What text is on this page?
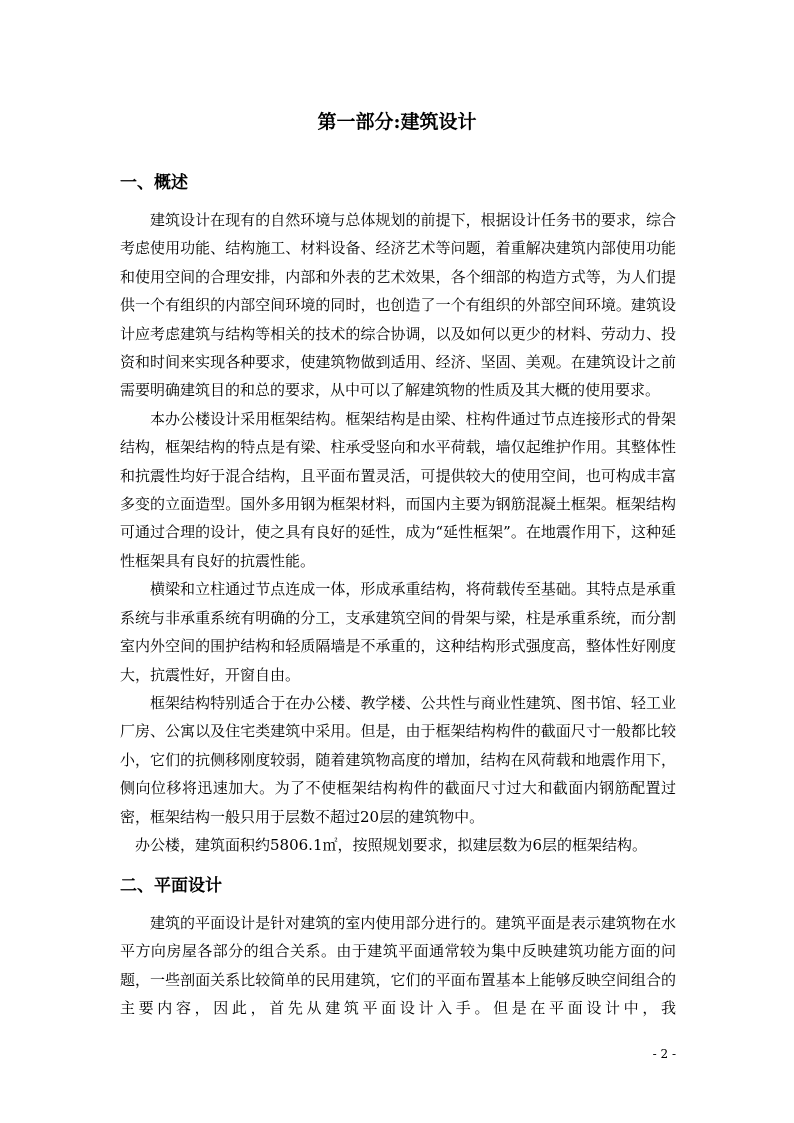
第一部分:建筑设计
一、概述

建筑设计在现有的自然环境与总体规划的前提下，根据设计任务书的要求，综合考虑使用功能、结构施工、材料设备、经济艺术等问题，着重解决建筑内部使用功能和使用空间的合理安排，内部和外表的艺术效果，各个细部的构造方式等，为人们提供一个有组织的内部空间环境的同时，也创造了一个有组织的外部空间环境。建筑设计应考虑建筑与结构等相关的技术的综合协调，以及如何以更少的材料、劳动力、投资和时间来实现各种要求，使建筑物做到适用、经济、坚固、美观。在建筑设计之前需要明确建筑目的和总的要求，从中可以了解建筑物的性质及其大概的使用要求。

本办公楼设计采用框架结构。框架结构是由梁、柱构件通过节点连接形式的骨架结构，框架结构的特点是有梁、柱承受竖向和水平荷载，墙仅起维护作用。其整体性和抗震性均好于混合结构，且平面布置灵活，可提供较大的使用空间，也可构成丰富多变的立面造型。国外多用钢为框架材料，而国内主要为钢筋混凝土框架。框架结构可通过合理的设计，使之具有良好的延性，成为“延性框架”。在地震作用下，这种延性框架具有良好的抗震性能。

横梁和立柱通过节点连成一体，形成承重结构，将荷载传至基础。其特点是承重系统与非承重系统有明确的分工，支承建筑空间的骨架与梁，柱是承重系统，而分割室内外空间的围护结构和轻质隔墙是不承重的，这种结构形式强度高，整体性好刚度大，抗震性好，开窗自由。

框架结构特别适合于在办公楼、教学楼、公共性与商业性建筑、图书馆、轻工业厂房、公寓以及住宅类建筑中采用。但是，由于框架结构构件的截面尺寸一般都比较小，它们的抗侧移刚度较弱，随着建筑物高度的增加，结构在风荷载和地震作用下，侧向位移将迅速加大。为了不使框架结构构件的截面尺寸过大和截面内钢筋配置过密，框架结构一般只用于层数不超过20层的建筑物中。

办公楼，建筑面积约5806.1㎡，按照规划要求，拟建层数为6层的框架结构。

二、平面设计

建筑的平面设计是针对建筑的室内使用部分进行的。建筑平面是表示建筑物在水平方向房屋各部分的组合关系。由于建筑平面通常较为集中反映建筑功能方面的问题，一些剖面关系比较简单的民用建筑，它们的平面布置基本上能够反映空间组合的主要内容，因此，首先从建筑平面设计入手。但是在平面设计中，我

- 2 -
